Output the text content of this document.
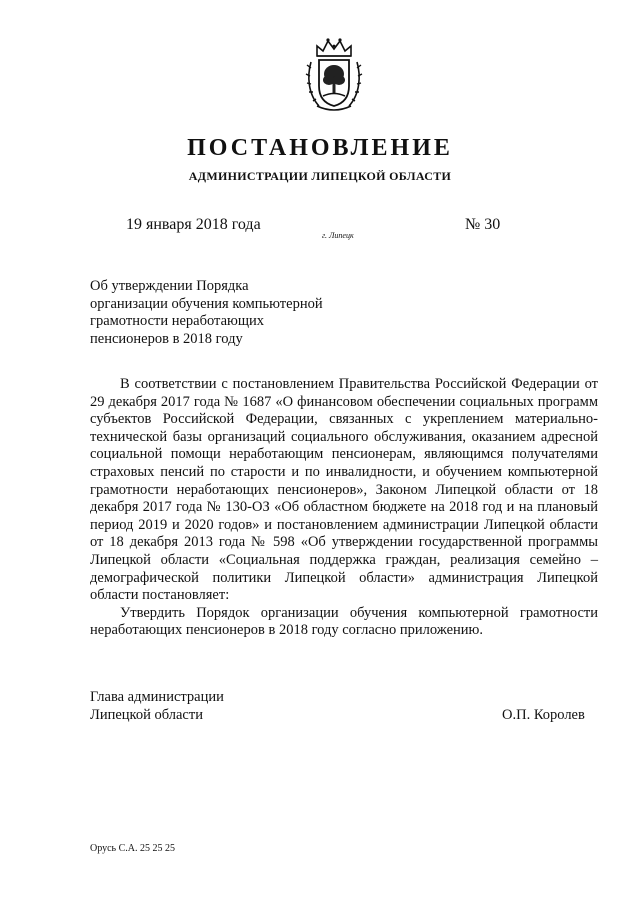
ПОСТАНОВЛЕНИЕ
АДМИНИСТРАЦИИ ЛИПЕЦКОЙ ОБЛАСТИ
19 января 2018 года
г. Липецк
№ 30
Об утверждении Порядка
организации обучения компьютерной
грамотности неработающих
пенсионеров в 2018 году

В соответствии с постановлением Правительства Российской Федерации от 29 декабря 2017 года № 1687 «О финансовом обеспечении социальных программ субъектов Российской Федерации, связанных с укреплением материально-технической базы организаций социального обслуживания, оказанием адресной социальной помощи неработающим пенсионерам, являющимся получателями страховых пенсий по старости и по инвалидности, и обучением компьютерной грамотности неработающих пенсионеров», Законом Липецкой области от 18 декабря 2017 года № 130-ОЗ «Об областном бюджете на 2018 год и на плановый период 2019 и 2020 годов» и постановлением администрации Липецкой области от 18 декабря 2013 года № 598 «Об утверждении государственной программы Липецкой области «Социальная поддержка граждан, реализация семейно – демографической политики Липецкой области» администрация Липецкой области постановляет:

Утвердить Порядок организации обучения компьютерной грамотности неработающих пенсионеров в 2018 году согласно приложению.

Глава администрации
Липецкой области	О.П. Королев
Орусь С.А. 25 25 25
